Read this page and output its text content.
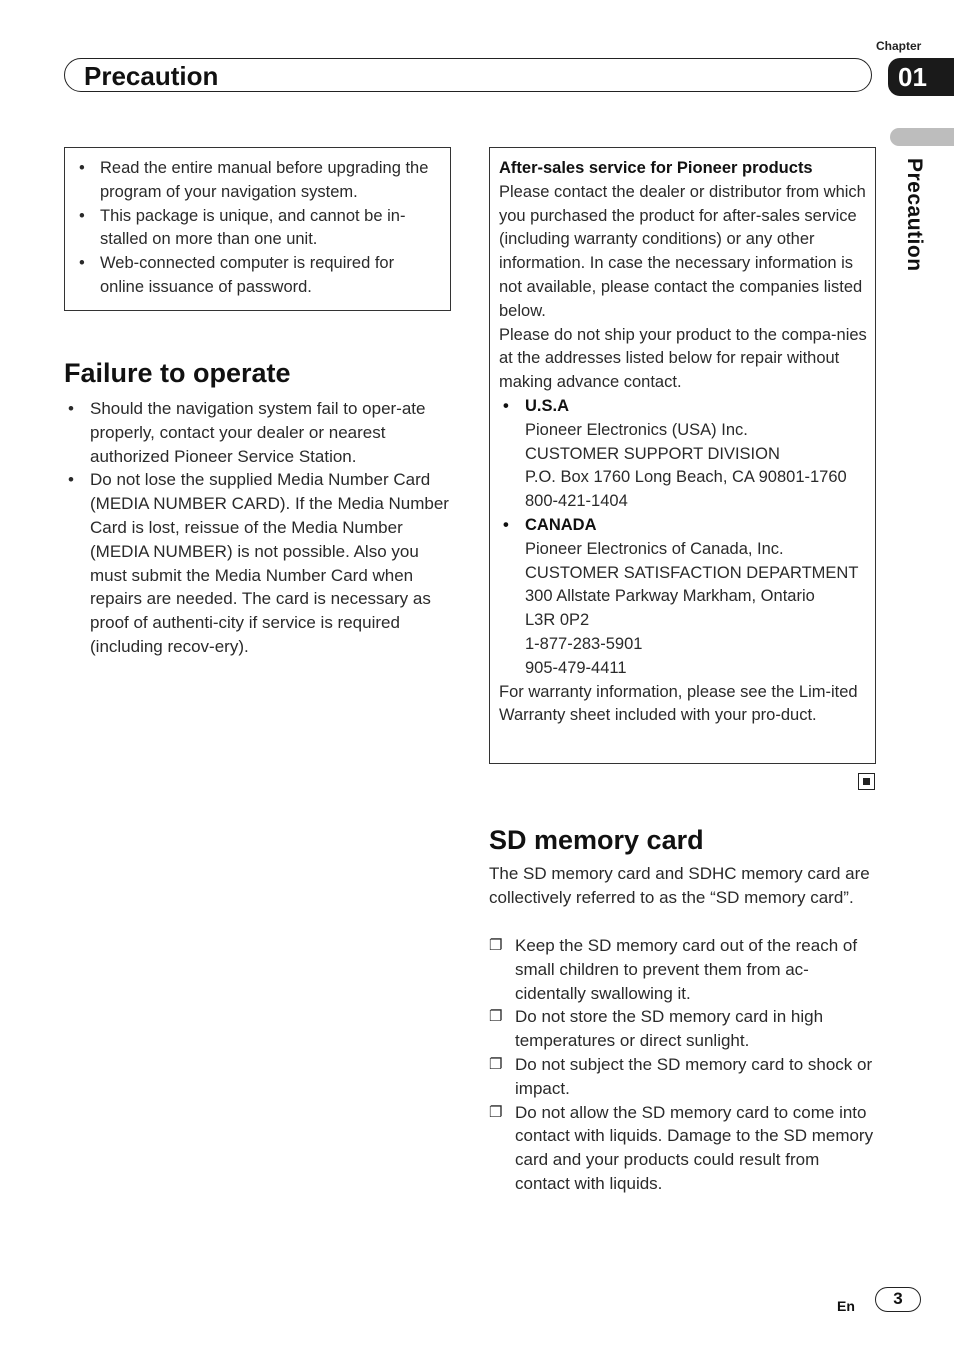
Chapter
Precaution	01
Precaution
• Read the entire manual before upgrading the program of your navigation system.
• This package is unique, and cannot be in-stalled on more than one unit.
• Web-connected computer is required for online issuance of password.
Failure to operate
• Should the navigation system fail to oper-ate properly, contact your dealer or nearest authorized Pioneer Service Station.
• Do not lose the supplied Media Number Card (MEDIA NUMBER CARD). If the Media Number Card is lost, reissue of the Media Number (MEDIA NUMBER) is not possible. Also you must submit the Media Number Card when repairs are needed. The card is necessary as proof of authenti-city if service is required (including recov-ery).
After-sales service for Pioneer products
Please contact the dealer or distributor from which you purchased the product for after-sales service (including warranty conditions) or any other information. In case the necessary information is not available, please contact the companies listed below.
Please do not ship your product to the compa-nies at the addresses listed below for repair without making advance contact.
• U.S.A
Pioneer Electronics (USA) Inc.
CUSTOMER SUPPORT DIVISION
P.O. Box 1760 Long Beach, CA 90801-1760
800-421-1404
• CANADA
Pioneer Electronics of Canada, Inc.
CUSTOMER SATISFACTION DEPARTMENT
300 Allstate Parkway Markham, Ontario
L3R 0P2
1-877-283-5901
905-479-4411
For warranty information, please see the Lim-ited Warranty sheet included with your pro-duct.
SD memory card
The SD memory card and SDHC memory card are collectively referred to as the “SD memory card”.
❐ Keep the SD memory card out of the reach of small children to prevent them from ac-cidentally swallowing it.
❐ Do not store the SD memory card in high temperatures or direct sunlight.
❐ Do not subject the SD memory card to shock or impact.
❐ Do not allow the SD memory card to come into contact with liquids. Damage to the SD memory card and your products could result from contact with liquids.
En	3
